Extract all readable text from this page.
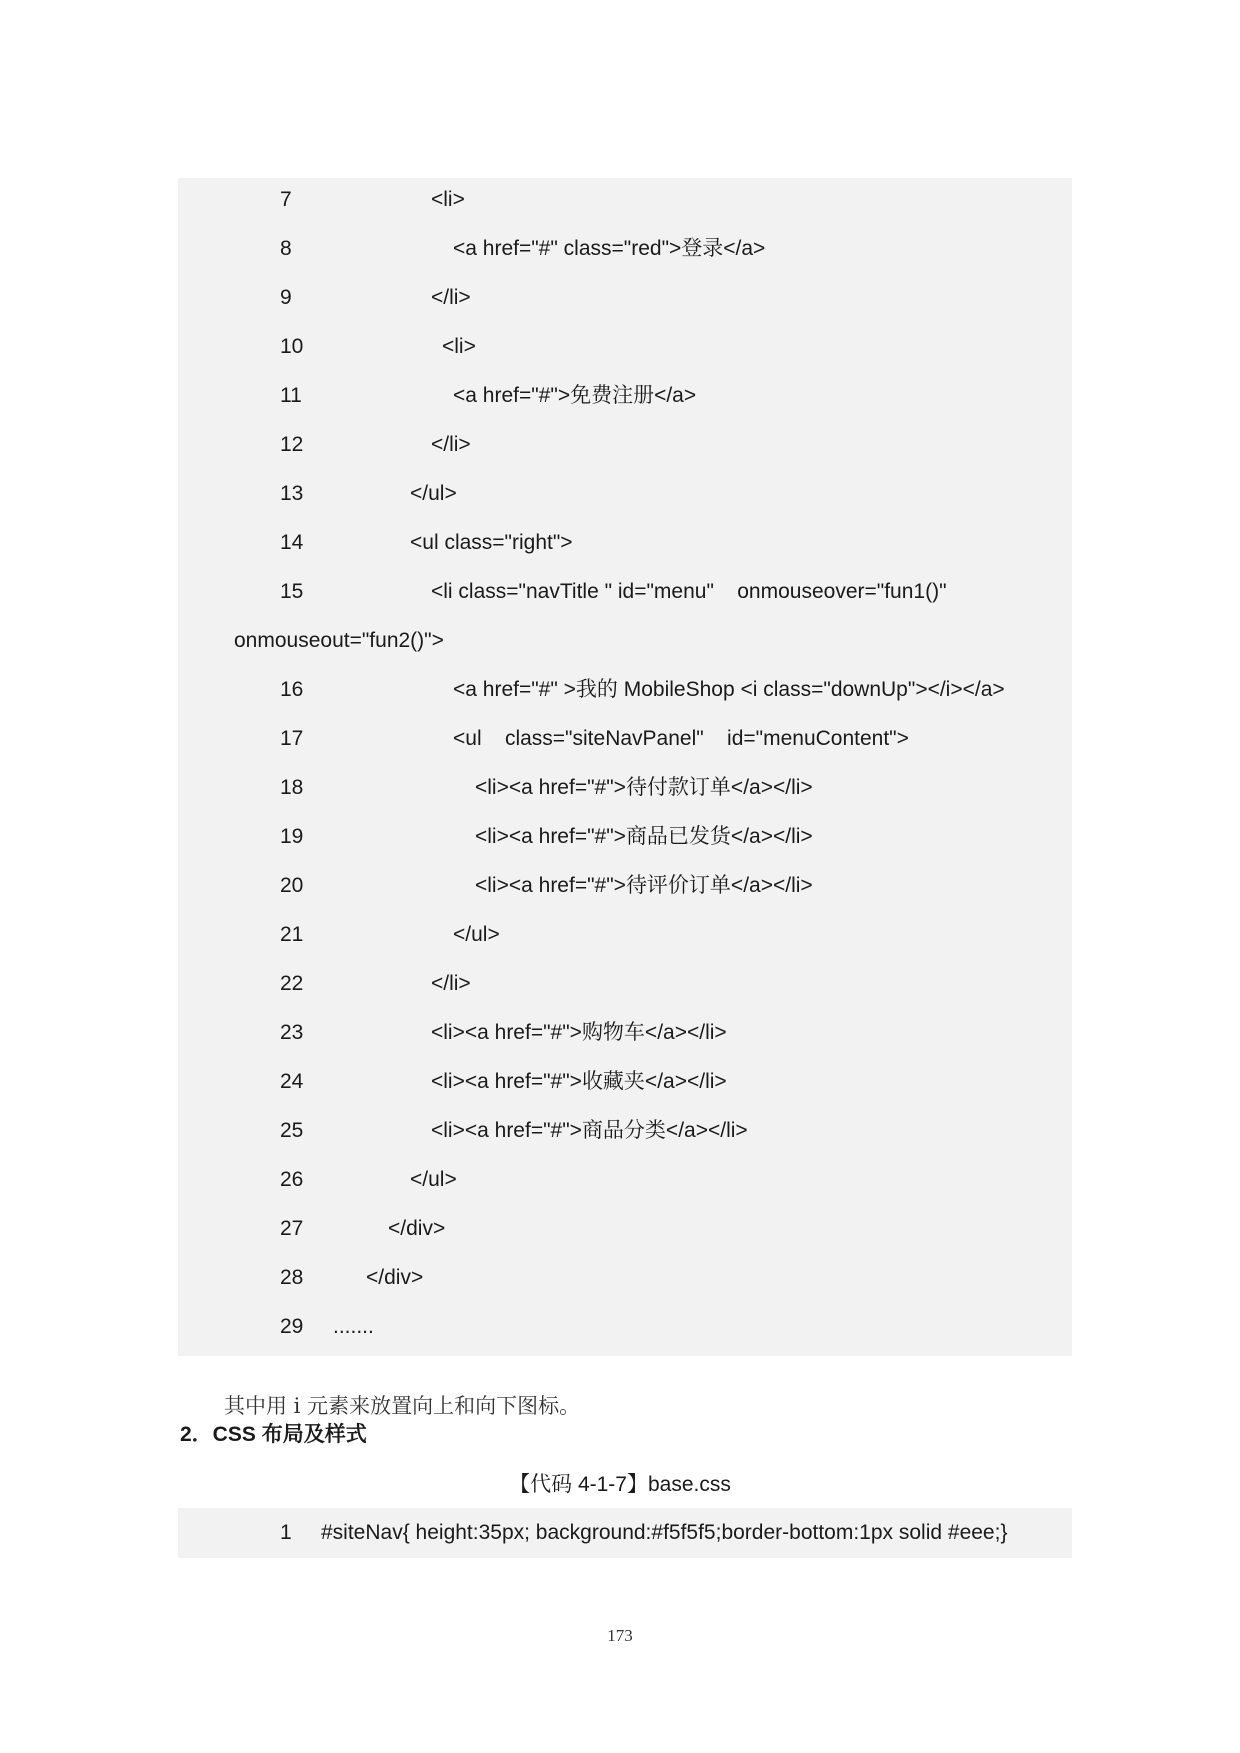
7	<li>
8	<a href="#" class="red">登录</a>
9	</li>
10	<li>
11	<a href="#">免费注册</a>
12	</li>
13	</ul>
14	<ul class="right">
15	<li class="navTitle " id="menu"    onmouseover="fun1()"
onmouseout="fun2()">
16	<a href="#" >我的 MobileShop <i class="downUp"></i></a>
17	<ul    class="siteNavPanel"    id="menuContent">
18	<li><a href="#">待付款订单</a></li>
19	<li><a href="#">商品已发货</a></li>
20	<li><a href="#">待评价订单</a></li>
21	</ul>
22	</li>
23	<li><a href="#">购物车</a></li>
24	<li><a href="#">收藏夹</a></li>
25	<li><a href="#">商品分类</a></li>
26	</ul>
27	</div>
28	</div>
29 .......

其中用 i 元素来放置向上和向下图标。

2．CSS 布局及样式
【代码 4-1-7】base.css
1 #siteNav{ height:35px; background:#f5f5f5;border-bottom:1px solid #eee;}
173
